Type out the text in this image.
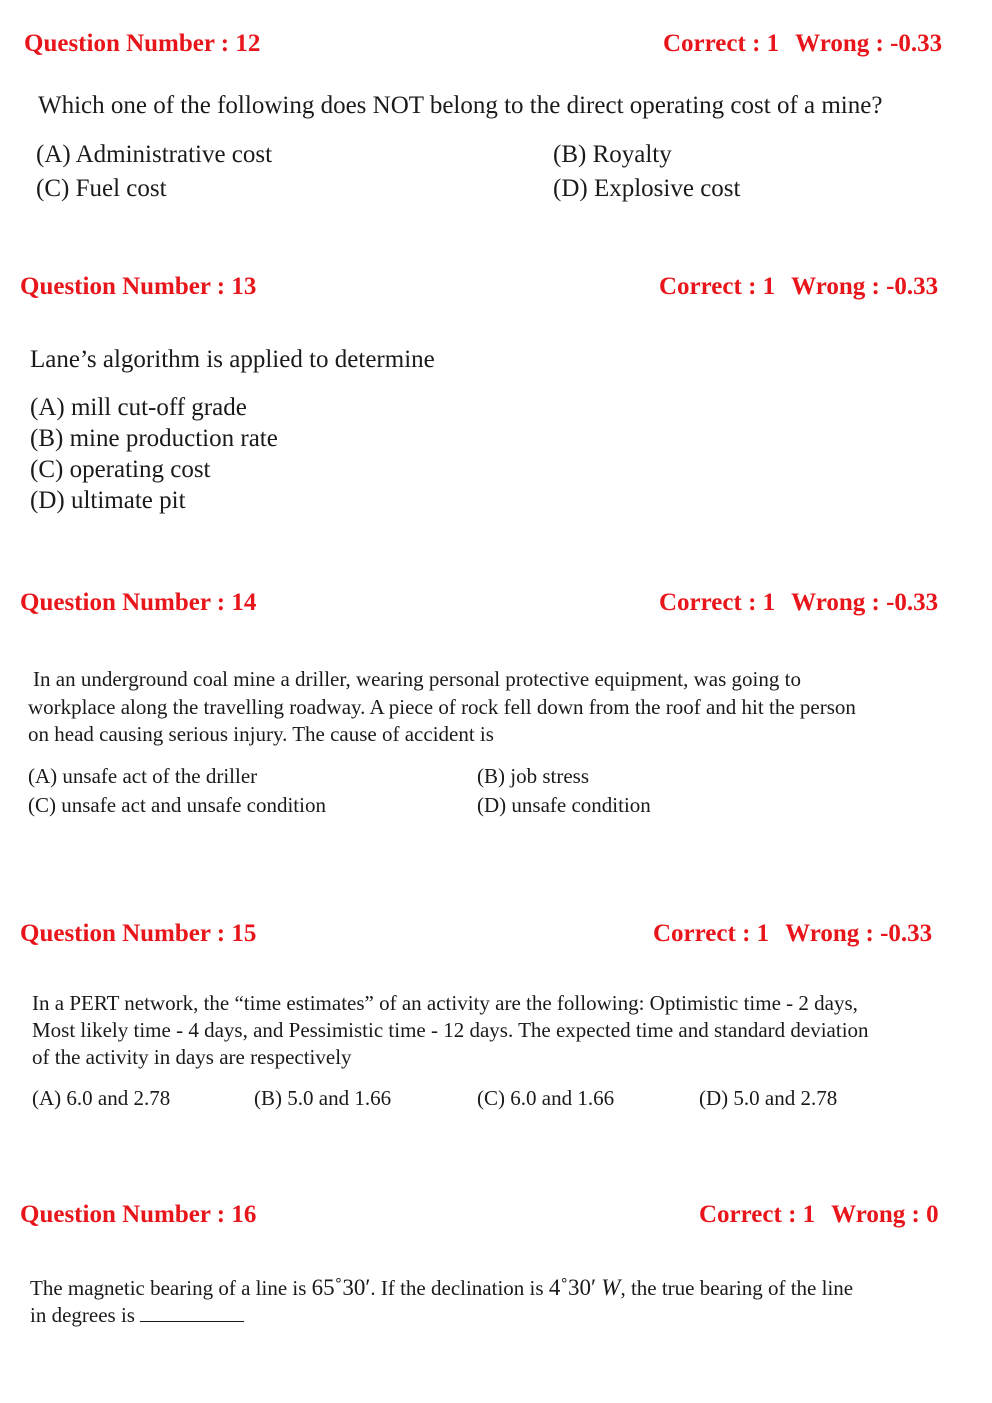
Question Number : 12	Correct : 1 Wrong : -0.33
Which one of the following does NOT belong to the direct operating cost of a mine?
(A) Administrative cost	(B) Royalty
(C) Fuel cost	(D) Explosive cost
Question Number : 13	Correct : 1 Wrong : -0.33
Lane’s algorithm is applied to determine
(A) mill cut-off grade
(B) mine production rate
(C) operating cost
(D) ultimate pit
Question Number : 14	Correct : 1 Wrong : -0.33
In an underground coal mine a driller, wearing personal protective equipment, was going to
workplace along the travelling roadway. A piece of rock fell down from the roof and hit the person
on head causing serious injury. The cause of accident is
(A) unsafe act of the driller	(B) job stress
(C) unsafe act and unsafe condition	(D) unsafe condition
Question Number : 15	Correct : 1 Wrong : -0.33
In a PERT network, the “time estimates” of an activity are the following: Optimistic time - 2 days,
Most likely time - 4 days, and Pessimistic time - 12 days. The expected time and standard deviation
of the activity in days are respectively
(A) 6.0 and 2.78	(B) 5.0 and 1.66	(C) 6.0 and 1.66	(D) 5.0 and 2.78
Question Number : 16	Correct : 1 Wrong : 0
The magnetic bearing of a line is 65˚30′. If the declination is 4˚30′ W, the true bearing of the line
in degrees is
